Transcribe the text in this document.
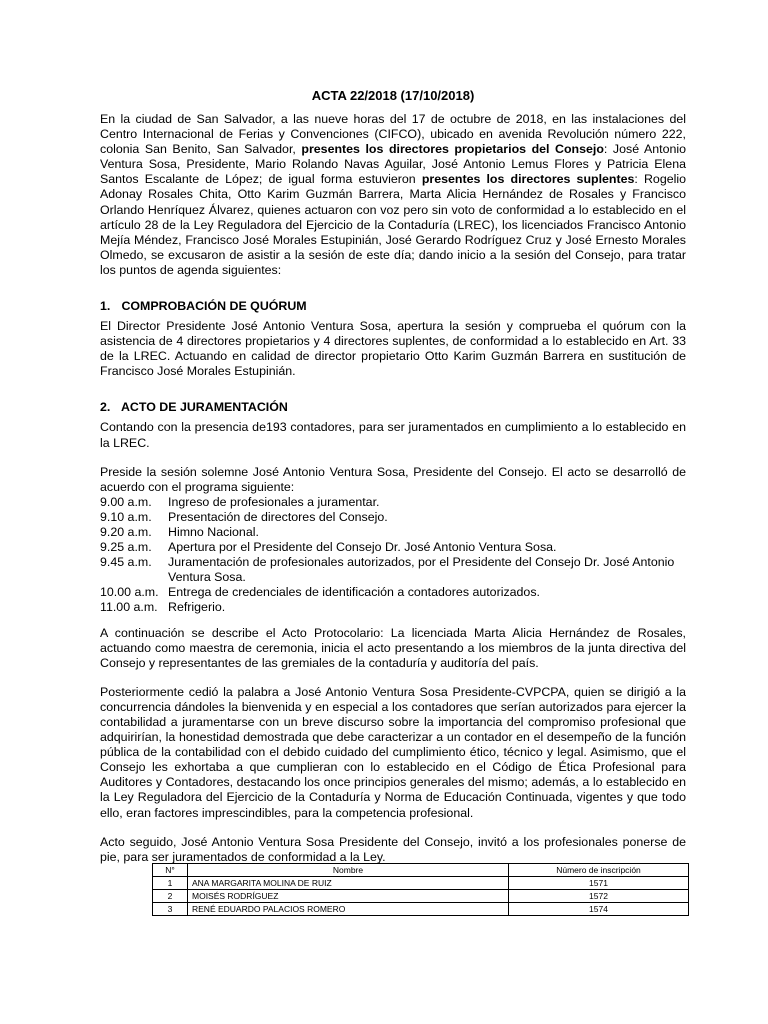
ACTA 22/2018 (17/10/2018)

En la ciudad de San Salvador, a las nueve horas del 17 de octubre de 2018, en las instalaciones del Centro Internacional de Ferias y Convenciones (CIFCO), ubicado en avenida Revolución número 222, colonia San Benito, San Salvador, presentes los directores propietarios del Consejo: José Antonio Ventura Sosa, Presidente, Mario Rolando Navas Aguilar, José Antonio Lemus Flores y Patricia Elena Santos Escalante de López; de igual forma estuvieron presentes los directores suplentes: Rogelio Adonay Rosales Chita, Otto Karim Guzmán Barrera, Marta Alicia Hernández de Rosales y Francisco Orlando Henríquez Álvarez, quienes actuaron con voz pero sin voto de conformidad a lo establecido en el artículo 28 de la Ley Reguladora del Ejercicio de la Contaduría (LREC), los licenciados Francisco Antonio Mejía Méndez, Francisco José Morales Estupinián, José Gerardo Rodríguez Cruz y José Ernesto Morales Olmedo, se excusaron de asistir a la sesión de este día; dando inicio a la sesión del Consejo, para tratar los puntos de agenda siguientes:

1. COMPROBACIÓN DE QUÓRUM

El Director Presidente José Antonio Ventura Sosa, apertura la sesión y comprueba el quórum con la asistencia de 4 directores propietarios y 4 directores suplentes, de conformidad a lo establecido en Art. 33 de la LREC. Actuando en calidad de director propietario Otto Karim Guzmán Barrera en sustitución de Francisco José Morales Estupinián.

2. ACTO DE JURAMENTACIÓN

Contando con la presencia de193 contadores, para ser juramentados en cumplimiento a lo establecido en la LREC.

Preside la sesión solemne José Antonio Ventura Sosa, Presidente del Consejo. El acto se desarrolló de acuerdo con el programa siguiente:

9.00 a.m.	Ingreso de profesionales a juramentar.
9.10 a.m.	Presentación de directores del Consejo.
9.20 a.m.	Himno Nacional.
9.25 a.m.	Apertura por el Presidente del Consejo Dr. José Antonio Ventura Sosa.
9.45 a.m.	Juramentación de profesionales autorizados, por el Presidente del Consejo Dr. José Antonio Ventura Sosa.
10.00 a.m. Entrega de credenciales de identificación a contadores autorizados.
11.00 a.m. Refrigerio.

A continuación se describe el Acto Protocolario: La licenciada Marta Alicia Hernández de Rosales, actuando como maestra de ceremonia, inicia el acto presentando a los miembros de la junta directiva del Consejo y representantes de las gremiales de la contaduría y auditoría del país.

Posteriormente cedió la palabra a José Antonio Ventura Sosa Presidente-CVPCPA, quien se dirigió a la concurrencia dándoles la bienvenida y en especial a los contadores que serían autorizados para ejercer la contabilidad a juramentarse con un breve discurso sobre la importancia del compromiso profesional que adquirirían, la honestidad demostrada que debe caracterizar a un contador en el desempeño de la función pública de la contabilidad con el debido cuidado del cumplimiento ético, técnico y legal. Asimismo, que el Consejo les exhortaba a que cumplieran con lo establecido en el Código de Ética Profesional para Auditores y Contadores, destacando los once principios generales del mismo; además, a lo establecido en la Ley Reguladora del Ejercicio de la Contaduría y Norma de Educación Continuada, vigentes y que todo ello, eran factores imprescindibles, para la competencia profesional.

Acto seguido, José Antonio Ventura Sosa Presidente del Consejo, invitó a los profesionales ponerse de pie, para ser juramentados de conformidad a la Ley.

N°	Nombre	Número de inscripción
1	ANA MARGARITA MOLINA DE RUIZ	1571
2	MOISÉS RODRÍGUEZ	1572
3	RENÉ EDUARDO PALACIOS ROMERO	1574
